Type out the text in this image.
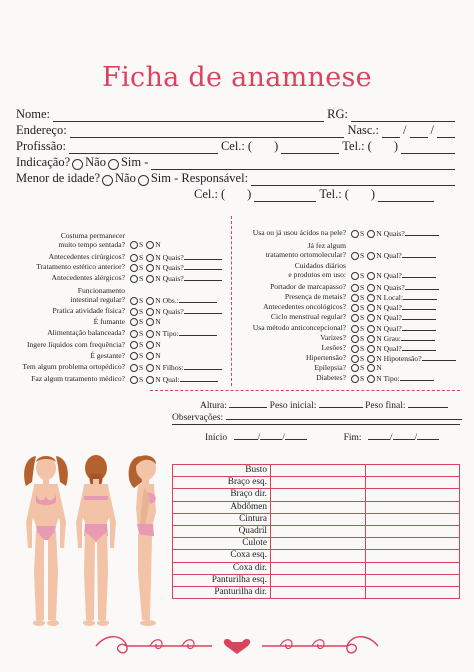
Ficha de anamnese
Nome:	RG:
Endereço:	Nasc.: / /
Profissão:	Cel.: ( )	Tel.: ( )
Indicação? Não Sim -
Menor de idade? Não Sim - Responsável:
Cel.: ( )	Tel.: ( )
Costuma permanecer
muito tempo sentada?	S N
Antecedentes cirúrgicos?	S N Quais?
Tratamento estético anterior?	S N Quais?
Antecedentes alérgicos?	S N Quais?
Funcionamento
intestinal regular?	S N Obs.:
Pratica atividade física?	S N Quais?
É fumante	S N
Alimentação balanceada?	S N Tipo:
Ingere líquidos com frequência?	S N
É gestante?	S N
Tem algum problema ortopédico?	S N Filhos:
Faz algum tratamento médico?	S N Qual:
Usa ou já usou ácidos na pele?	S N Quais?
Já fez algum
tratamento ortomolecular?	S N Qual?
Cuidados diários
e produtos em uso:	S N Qual?
Portador de marcapasso?	S N Quais?
Presença de metais?	S N Local:
Antecedentes oncológicos?	S N Qual?
Ciclo menstrual regular?	S N Qual?
Usa método anticoncepcional?	S N Qual?
Varizes?	S N Grau:
Lesões?	S N Qual?
Hipertensão?	S N Hipotensão?
Epilepsia?	S N
Diabetes?	S N Tipo:
Altura:	Peso inicial:	Peso final:
Observações:
Início	/ /	Fim:	/ /
Busto		
Braço esq.		
Braço dir.		
Abdômen		
Cintura		
Quadril		
Culote		
Coxa esq.		
Coxa dir.		
Panturilha esq.		
Panturilha dir.		
